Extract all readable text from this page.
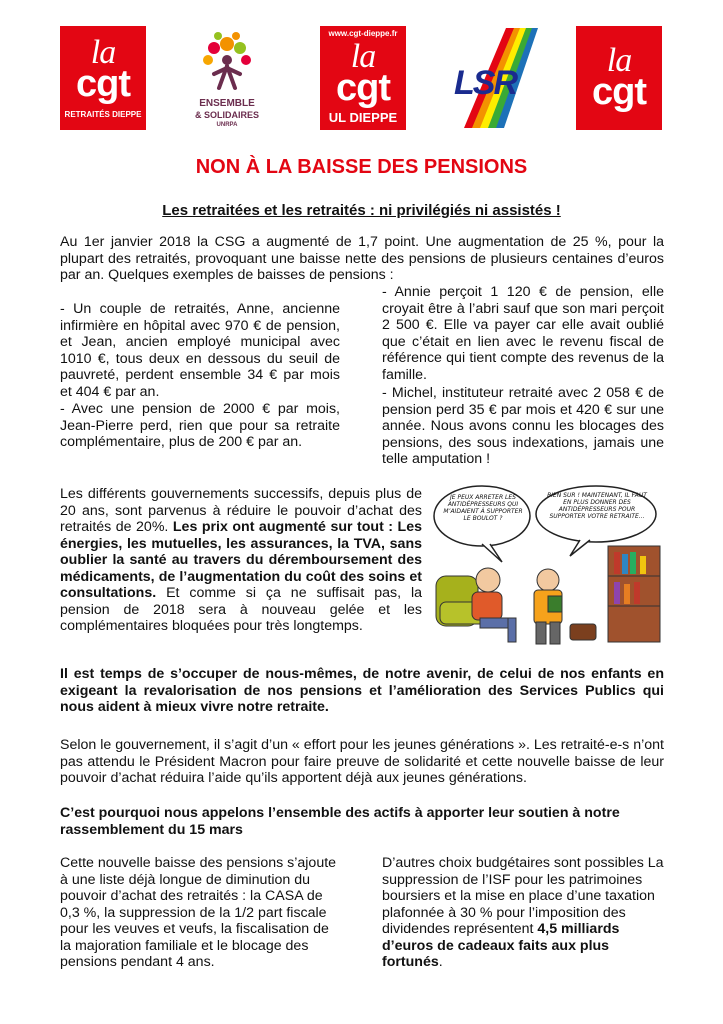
la
cgt
RETRAITÉS DIEPPE
ENSEMBLE
& SOLIDAIRES
UNRPA
www.cgt-dieppe.fr
la
cgt
UL DIEPPE
LSR
la
cgt
NON À LA BAISSE DES PENSIONS
Les retraitées et les retraités : ni privilégiés ni assistés !

Au 1er janvier 2018 la CSG a augmenté de 1,7 point. Une augmentation de 25 %, pour la plupart des retraités, provoquant une baisse nette des pensions de plusieurs centaines d’euros par an. Quelques exemples de baisses de pensions :

- Un couple de retraités, Anne, ancienne infirmière en hôpital avec 970 € de pension, et Jean, ancien employé municipal avec 1010 €, tous deux en dessous du seuil de pauvreté, perdent ensemble 34 € par mois et 404 € par an.

- Avec une pension de 2000 € par mois, Jean-Pierre perd, rien que pour sa retraite complémentaire, plus de 200 € par an.

- Annie perçoit 1 120 € de pension, elle croyait être à l’abri sauf que son mari perçoit 2 500 €. Elle va payer car elle avait oublié que c’était en lien avec le revenu fiscal de référence qui tient compte des revenus de la famille.

- Michel, instituteur retraité avec 2 058 € de pension perd 35 € par mois et 420 € sur une année. Nous avons connu les blocages des pensions, des sous indexations, jamais une telle amputation !

Les différents gouvernements successifs, depuis plus de 20 ans, sont parvenus à réduire le pouvoir d’achat des retraités de 20%. Les prix ont augmenté sur tout : Les énergies, les mutuelles, les assurances, la TVA, sans oublier la santé au travers du déremboursement des médicaments, de l’augmentation du coût des soins et consultations. Et comme si ça ne suffisait pas, la pension de 2018 sera à nouveau gelée et les complémentaires bloquées pour très longtemps.

JE PEUX ARRÊTER LES ANTIDÉPRESSEURS QUI M’AIDAIENT À SUPPORTER LE BOULOT ?
BIEN SÛR ! MAINTENANT, IL FAUT EN PLUS DONNER DES ANTIDÉPRESSEURS POUR SUPPORTER VOTRE RETRAITE...

Il est temps de s’occuper de nous-mêmes, de notre avenir, de celui de nos enfants en exigeant la revalorisation de nos pensions et l’amélioration des Services Publics qui nous aident à mieux vivre notre retraite.

Selon le gouvernement, il s’agit d’un « effort pour les jeunes générations ». Les retraité-e-s n’ont pas attendu le Président Macron pour faire preuve de solidarité et cette nouvelle baisse de leur pouvoir d’achat réduira l’aide qu’ils apportent déjà aux jeunes générations.

C’est pourquoi nous appelons l’ensemble des actifs à apporter leur soutien à notre rassemblement du 15 mars

Cette nouvelle baisse des pensions s’ajoute à une liste déjà longue de diminution du pouvoir d’achat des retraités : la CASA de 0,3 %, la suppression de la 1/2 part fiscale pour les veuves et veufs, la fiscalisation de la majoration familiale et le blocage des pensions pendant 4 ans.

D’autres choix budgétaires sont possibles La suppression de l’ISF pour les patrimoines boursiers et la mise en place d’une taxation plafonnée à 30 % pour l’imposition des dividendes représentent 4,5 milliards d’euros de cadeaux faits aux plus fortunés.
